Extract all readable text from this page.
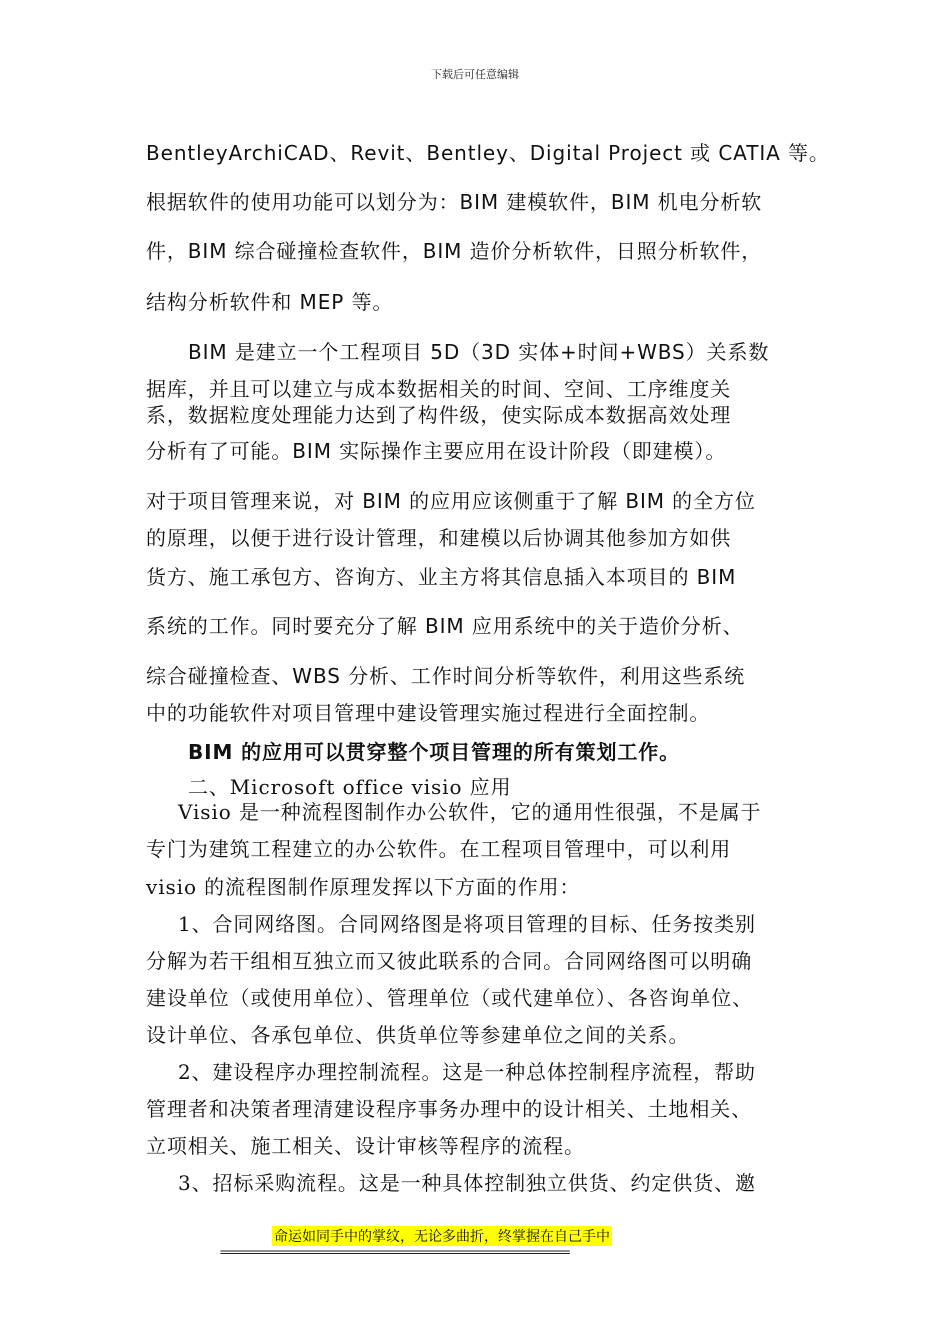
下载后可任意编辑
BentleyArchiCAD、Revit、Bentley、Digital Project 或 CATIA 等。
根据软件的使用功能可以划分为：BIM 建模软件，BIM 机电分析软
件，BIM 综合碰撞检查软件，BIM 造价分析软件，日照分析软件，
结构分析软件和 MEP 等。
BIM 是建立一个工程项目 5D（3D 实体+时间+WBS）关系数
据库，并且可以建立与成本数据相关的时间、空间、工序维度关
系，数据粒度处理能力达到了构件级，使实际成本数据高效处理
分析有了可能。BIM 实际操作主要应用在设计阶段（即建模）。
对于项目管理来说，对 BIM 的应用应该侧重于了解 BIM 的全方位
的原理，以便于进行设计管理，和建模以后协调其他参加方如供
货方、施工承包方、咨询方、业主方将其信息插入本项目的 BIM
系统的工作。同时要充分了解 BIM 应用系统中的关于造价分析、
综合碰撞检查、WBS 分析、工作时间分析等软件，利用这些系统
中的功能软件对项目管理中建设管理实施过程进行全面控制。
BIM 的应用可以贯穿整个项目管理的所有策划工作。
二、Microsoft office visio 应用
Visio 是一种流程图制作办公软件，它的通用性很强，不是属于
专门为建筑工程建立的办公软件。在工程项目管理中，可以利用
visio 的流程图制作原理发挥以下方面的作用：
1、合同网络图。合同网络图是将项目管理的目标、任务按类别
分解为若干组相互独立而又彼此联系的合同。合同网络图可以明确
建设单位（或使用单位）、管理单位（或代建单位）、各咨询单位、
设计单位、各承包单位、供货单位等参建单位之间的关系。
2、建设程序办理控制流程。这是一种总体控制程序流程，帮助
管理者和决策者理清建设程序事务办理中的设计相关、土地相关、
立项相关、施工相关、设计审核等程序的流程。
3、招标采购流程。这是一种具体控制独立供货、约定供货、邀
命运如同手中的掌纹，无论多曲折，终掌握在自己手中
==============================================================
